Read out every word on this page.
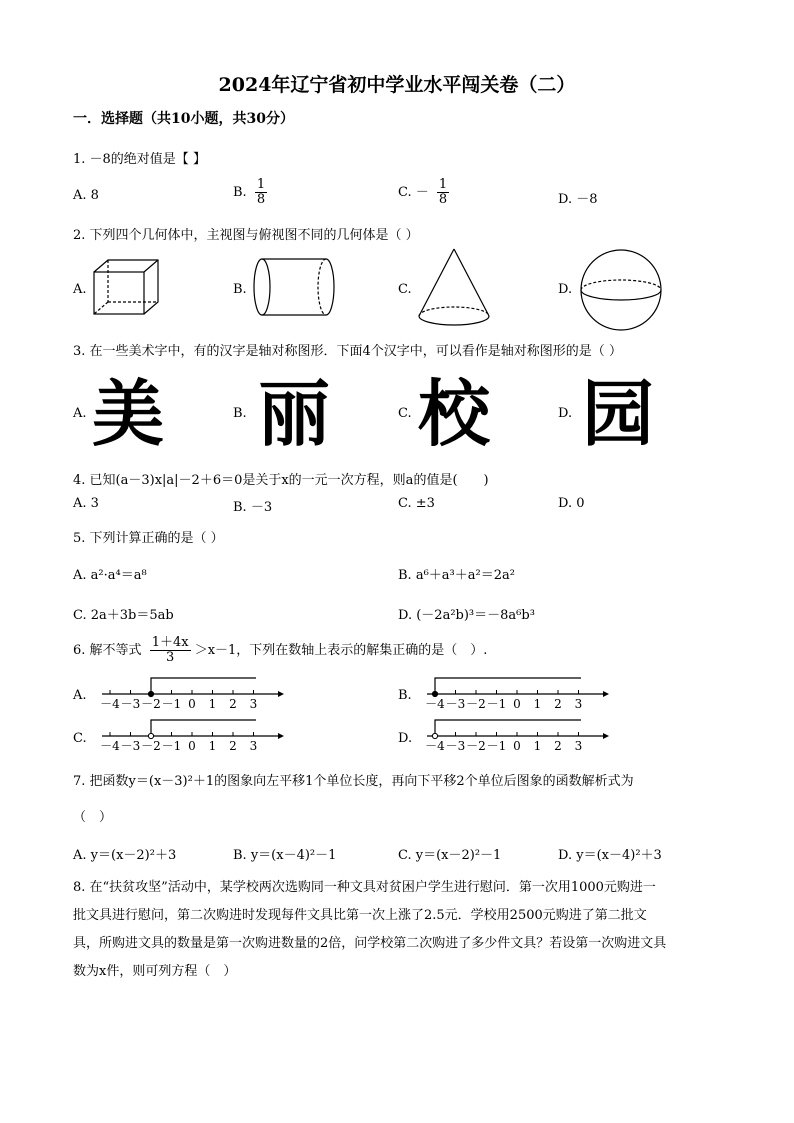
2024年辽宁省初中学业水平闯关卷（二）
一．选择题（共10小题，共30分）
1. －8的绝对值是【 】
A. 8	B. $\frac{1}{8}$	C. － $\frac{1}{8}$	D. －8
2. 下列四个几何体中，主视图与俯视图不同的几何体是（ ）
A.	B.	C.	D.
3. 在一些美术字中，有的汉字是轴对称图形．下面4个汉字中，可以看作是轴对称图形的是（ ）
A. 美	B. 丽	C. 校	D. 园
4. 已知(a－3)x|a|－2＋6＝0是关于x的一元一次方程，则a的值是(　　)
A. 3	B. －3	C. ±3	D. 0
5. 下列计算正确的是（ ）
A. a²·a⁴＝a⁸	B. a⁶＋a³＋a²＝2a²
C. 2a＋3b＝5ab	D. (－2a²b)³＝－8a⁶b³
6. 解不等式 $\frac{1+4x}{3} >x-1$，下列在数轴上表示的解集正确的是（　）.
A.
－4 －3 －2 －1 0 1 2 3
B.
－4 －3 －2 －1 0 1 2 3
C. －4 －3 －2 －1 0 1 2 3	D. －4 －3 －2 －1 0 1 2 3
7. 把函数y＝(x－3)²＋1的图象向左平移1个单位长度，再向下平移2个单位后图象的函数解析式为
（　）
A. y＝(x－2)²＋3	B. y＝(x－4)²－1	C. y＝(x－2)²－1	D. y＝(x－4)²＋3
8. 在“扶贫攻坚”活动中，某学校两次选购同一种文具对贫困户学生进行慰问．第一次用1000元购进一
批文具进行慰问，第二次购进时发现每件文具比第一次上涨了2.5元．学校用2500元购进了第二批文
具，所购进文具的数量是第一次购进数量的2倍，问学校第二次购进了多少件文具？若设第一次购进文具
数为x件，则可列方程（　）
